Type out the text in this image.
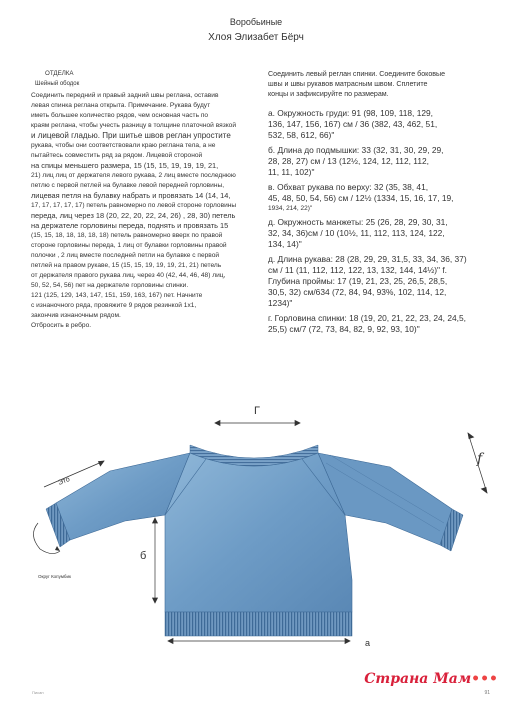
Воробьиные
Хлоя Элизабет Бёрч
ОТДЕЛКА
Шейный ободок

Соединить передний и правый задний швы реглана, оставив

левая спинка реглана открыта. Примечание. Рукава будут

иметь большее количество рядов, чем основная часть по

краям реглана, чтобы учесть разницу в толщине платочной вязкой

и лицевой гладью. При шитье швов реглан упростите

рукава, чтобы они соответствовали краю реглана тела, а не

пытайтесь совместить ряд за рядом. Лицевой стороной

на спицы меньшего размера, 15 (15, 15, 19, 19, 19, 21,

21) лиц лиц от держателя левого рукава, 2 лиц вместе последнюю

петлю с первой петлей на булавке левой передней горловины,

лицевая петля на булавку набрать и провязать 14 (14, 14,

17, 17, 17, 17, 17) петель равномерно по левой стороне горловины

переда, лиц через 18 (20, 22, 20, 22, 24, 26) , 28, 30) петель

на держателе горловины переда, поднять и провязать 15

(15, 15, 18, 18, 18, 18, 18) петель равномерно вверх по правой

стороне горловины переда, 1 лиц от булавки горловины правой

полочки , 2 лиц вместе последней петли на булавке с первой

петлей на правом рукаве, 15 (15, 15, 19, 19, 19, 21, 21) петель

от держателя правого рукава лиц, через 40 (42, 44, 46, 48) лиц,

50, 52, 54, 56) пет на держателе горловины спинки.

121 (125, 129, 143, 147, 151, 159, 163, 167) пет. Начните

с изнаночного ряда, провяжите 9 рядов резинкой 1х1,

закончив изнаночным рядом.

Отбросить в ребро.

Соединить левый реглан спинки. Соедините боковые
швы и швы рукавов матрасным швом. Сплетите
концы и зафиксируйте по размерам.
а. Окружность груди: 91 (98, 109, 118, 129,
136, 147, 156, 167) см / 36 (382, 43, 462, 51,
532, 58, 612, 66)"
б. Длина до подмышки: 33 (32, 31, 30, 29, 29,
28, 28, 27) см / 13 (12½, 124, 12, 112, 112,
11, 11, 102)"
в. Обхват рукава по верху: 32 (35, 38, 41,
45, 48, 50, 54, 56) см / 12½ (1334, 15, 16, 17, 19,
1934, 214, 22)"
д. Окружность манжеты: 25 (26, 28, 29, 30, 31,
32, 34, 36)см / 10 (10½, 11, 112, 113, 124, 122,
134, 14)"
д. Длина рукава: 28 (28, 29, 29, 31,5, 33, 34, 36, 37)
см / 11 (11, 112, 112, 122, 13, 132, 144, 14½)" f.
Глубина проймы: 17 (19, 21, 23, 25, 26,5, 28,5,
30,5, 32) см/634 (72, 84, 94, 93%, 102, 114, 12,
1234)"
г. Горловина спинки: 18 (19, 20, 21, 22, 23, 24, 24,5,
25,5) см/7 (72, 73, 84, 82, 9, 92, 93, 10)"
Г
б
а
f
Это
Округ Копумбик
Страна Мам•••
Писан	91
